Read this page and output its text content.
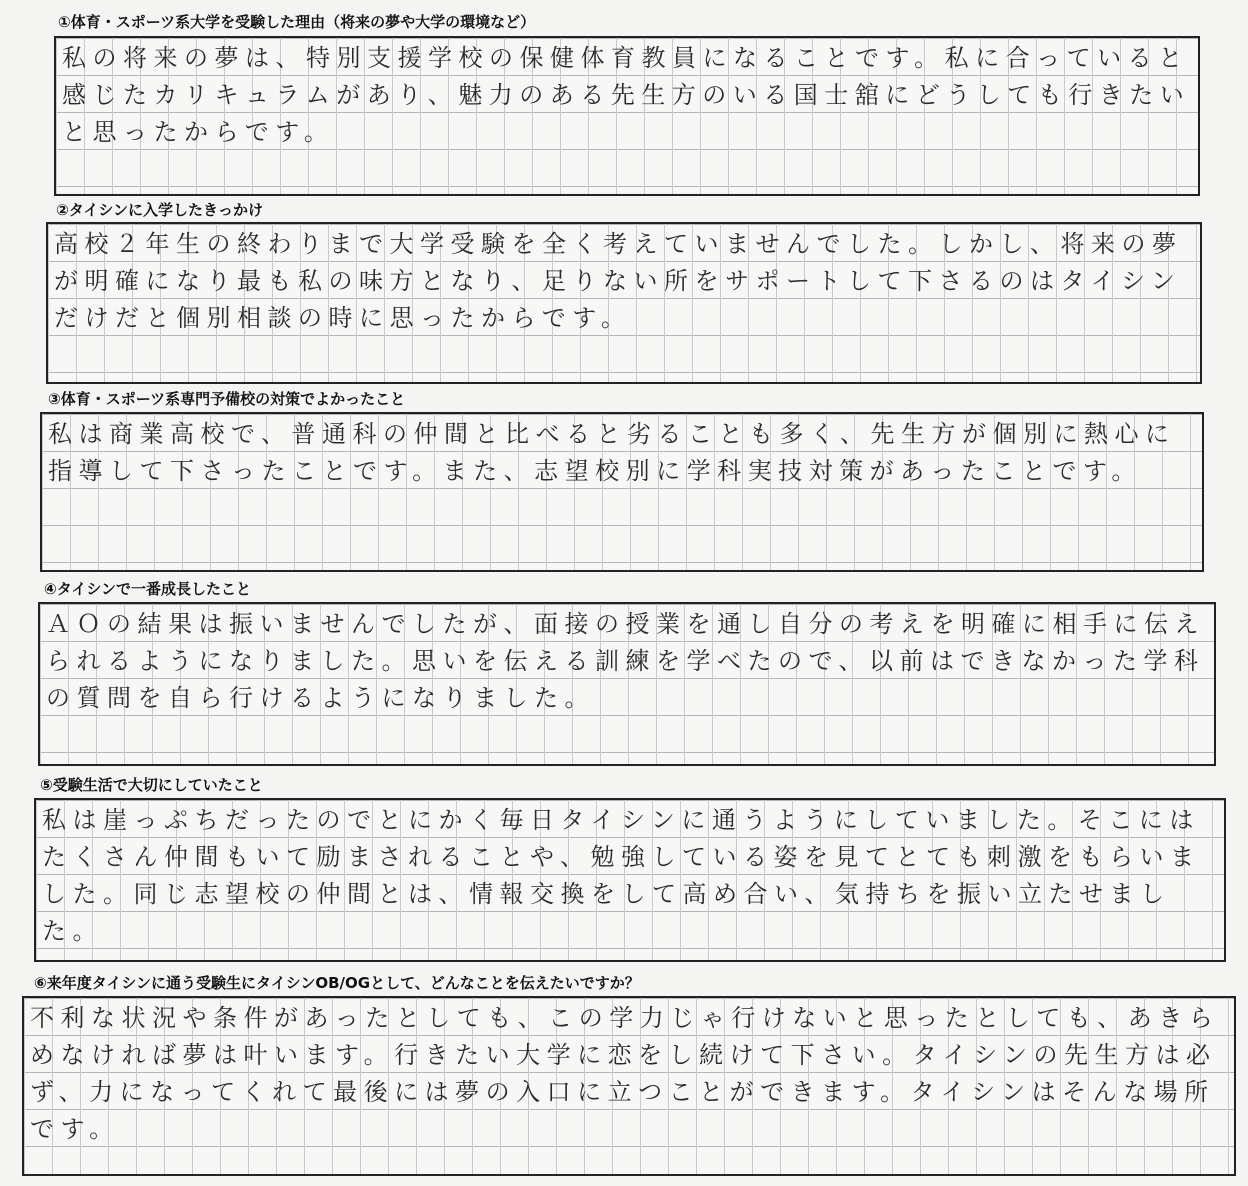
①体育・スポーツ系大学を受験した理由（将来の夢や大学の環境など）
私の将来の夢は、特別支援学校の保健体育教員になることです。私に合っていると感じたカリキュラムがあり、魅力のある先生方のいる国士舘にどうしても行きたいと思ったからです。
②タイシンに入学したきっかけ
高校２年生の終わりまで大学受験を全く考えていませんでした。しかし、将来の夢が明確になり最も私の味方となり、足りない所をサポートして下さるのはタイシンだけだと個別相談の時に思ったからです。
③体育・スポーツ系専門予備校の対策でよかったこと
私は商業高校で、普通科の仲間と比べると劣ることも多く、先生方が個別に熱心に指導して下さったことです。また、志望校別に学科実技対策があったことです。
④タイシンで一番成長したこと
ＡＯの結果は振いませんでしたが、面接の授業を通し自分の考えを明確に相手に伝えられるようになりました。思いを伝える訓練を学べたので、以前はできなかった学科の質問を自ら行けるようになりました。
⑤受験生活で大切にしていたこと
私は崖っぷちだったのでとにかく毎日タイシンに通うようにしていました。そこにはたくさん仲間もいて励まされることや、勉強している姿を見てとても刺激をもらいました。同じ志望校の仲間とは、情報交換をして高め合い、気持ちを振い立たせました。
⑥来年度タイシンに通う受験生にタイシンOB/OGとして、どんなことを伝えたいですか？
不利な状況や条件があったとしても、この学力じゃ行けないと思ったとしても、あきらめなければ夢は叶います。行きたい大学に恋をし続けて下さい。タイシンの先生方は必ず、力になってくれて最後には夢の入口に立つことができます。タイシンはそんな場所です。
